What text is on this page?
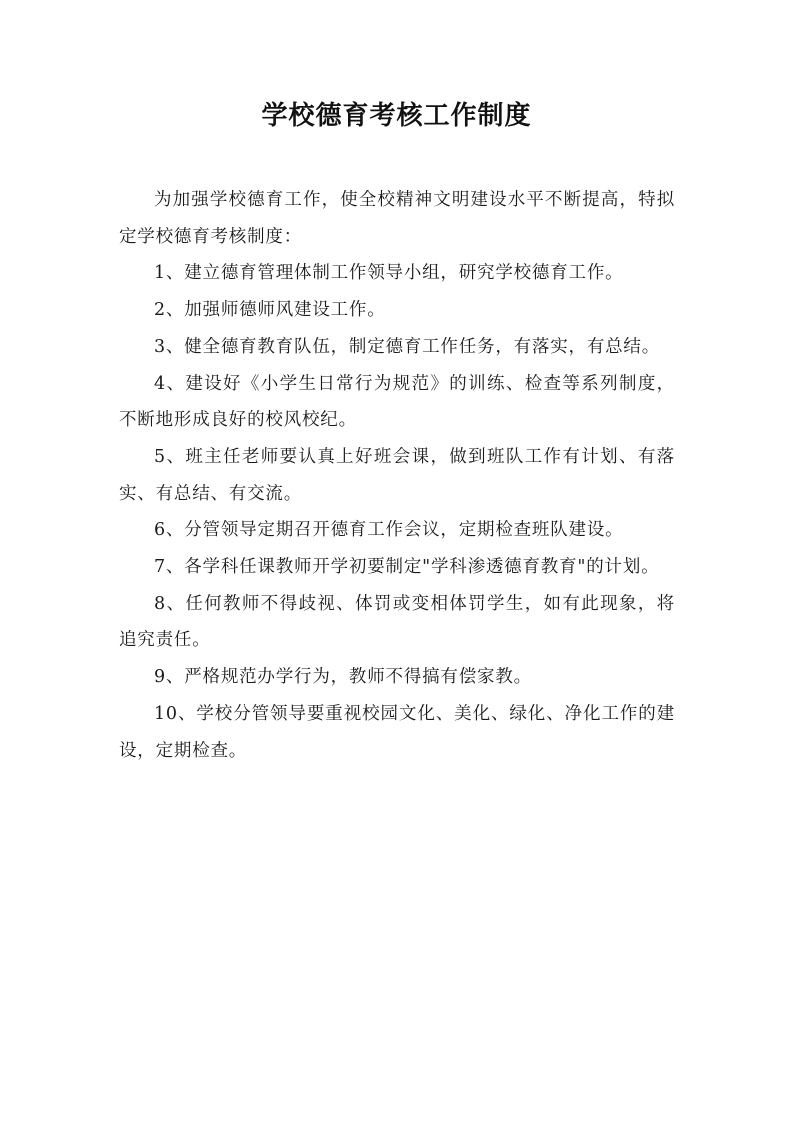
学校德育考核工作制度

为加强学校德育工作，使全校精神文明建设水平不断提高，特拟定学校德育考核制度：

1、建立德育管理体制工作领导小组，研究学校德育工作。

2、加强师德师风建设工作。

3、健全德育教育队伍，制定德育工作任务，有落实，有总结。

4、建设好《小学生日常行为规范》的训练、检查等系列制度，不断地形成良好的校风校纪。

5、班主任老师要认真上好班会课，做到班队工作有计划、有落实、有总结、有交流。

6、分管领导定期召开德育工作会议，定期检查班队建设。

7、各学科任课教师开学初要制定"学科渗透德育教育"的计划。

8、任何教师不得歧视、体罚或变相体罚学生，如有此现象，将追究责任。

9、严格规范办学行为，教师不得搞有偿家教。

10、学校分管领导要重视校园文化、美化、绿化、净化工作的建设，定期检查。
